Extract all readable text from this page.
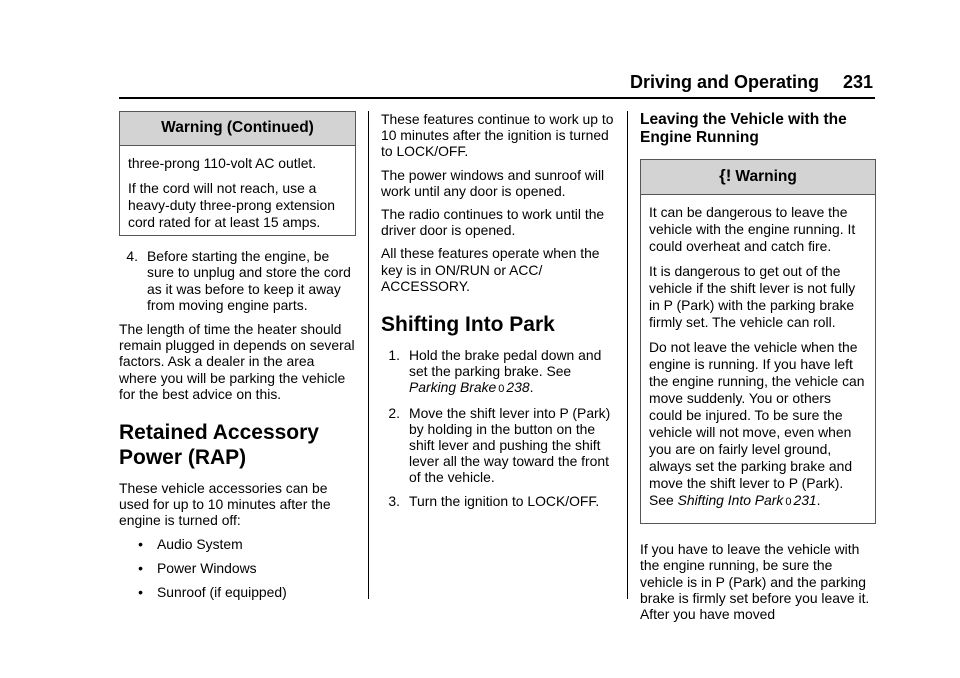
Driving and Operating 231
Warning (Continued)

three-prong 110-volt AC outlet.

If the cord will not reach, use a heavy-duty three-prong extension cord rated for at least 15 amps.

4. Before starting the engine, be sure to unplug and store the cord as it was before to keep it away from moving engine parts.

The length of time the heater should remain plugged in depends on several factors. Ask a dealer in the area where you will be parking the vehicle for the best advice on this.

Retained Accessory Power (RAP)

These vehicle accessories can be used for up to 10 minutes after the engine is turned off:

•	Audio System
•	Power Windows
•	Sunroof (if equipped)

These features continue to work up to 10 minutes after the ignition is turned to LOCK/OFF.

The power windows and sunroof will work until any door is opened.

The radio continues to work until the driver door is opened.

All these features operate when the key is in ON/RUN or ACC/ ACCESSORY.

Shifting Into Park
1. Hold the brake pedal down and set the parking brake. See
Parking Brake 0 238.
2. Move the shift lever into P (Park) by holding in the button on the shift lever and pushing the shift lever all the way toward the front of the vehicle.
3. Turn the ignition to LOCK/OFF.
Leaving the Vehicle with the Engine Running
{! Warning

It can be dangerous to leave the vehicle with the engine running. It could overheat and catch fire.

It is dangerous to get out of the vehicle if the shift lever is not fully in P (Park) with the parking brake firmly set. The vehicle can roll.

Do not leave the vehicle when the engine is running. If you have left the engine running, the vehicle can move suddenly. You or others could be injured. To be sure the vehicle will not move, even when you are on fairly level ground, always set the parking brake and move the shift lever to P (Park).
See Shifting Into Park 0 231.

If you have to leave the vehicle with the engine running, be sure the vehicle is in P (Park) and the parking brake is firmly set before you leave it. After you have moved
